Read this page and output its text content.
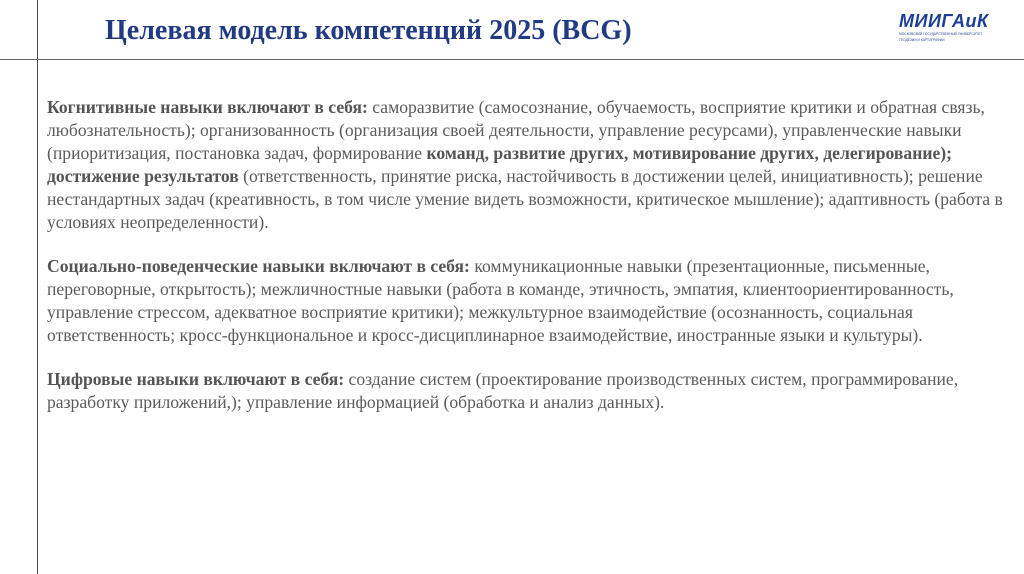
Целевая модель компетенций 2025 (BCG)	МИИГАиК
МОСКОВСКИЙ ГОСУДАРСТВЕННЫЙ УНИВЕРСИТЕТ
ГЕОДЕЗИИ И КАРТОГРАФИИ

Когнитивные навыки включают в себя: саморазвитие (самосознание, обучаемость, восприятие критики и обратная связь, любознательность); организованность (организация своей деятельности, управление ресурсами), управленческие навыки (приоритизация, постановка задач, формирование команд, развитие других, мотивирование других, делегирование); достижение результатов (ответственность, принятие риска, настойчивость в достижении целей, инициативность); решение нестандартных задач (креативность, в том числе умение видеть возможности, критическое мышление); адаптивность (работа в условиях неопределенности).

Социально-поведенческие навыки включают в себя: коммуникационные навыки (презентационные, письменные, переговорные, открытость); межличностные навыки (работа в команде, этичность, эмпатия, клиентоориентированность, управление стрессом, адекватное восприятие критики); межкультурное взаимодействие (осознанность, социальная ответственность; кросс-функциональное и кросс-дисциплинарное взаимодействие, иностранные языки и культуры).

Цифровые навыки включают в себя: создание систем (проектирование производственных систем, программирование, разработку приложений,); управление информацией (обработка и анализ данных).
